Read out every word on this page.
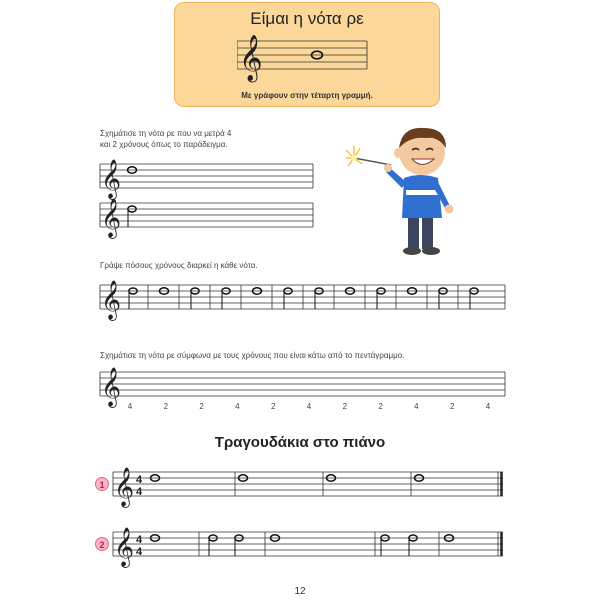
Είμαι η νότα ρε
𝄞
Με γράφουν στην τέταρτη γραμμή.
Σχημάτισε τη νότα ρε που να μετρά 4
και 2 χρόνους όπως το παράδειγμα.
𝄞
𝄞
Γράψε πόσους χρόνους διαρκεί η κάθε νότα.
𝄞
Σχημάτισε τη νότα ρε σύμφωνα με τους χρόνους που είναι κάτω από το πεντάγραμμο.
𝄞 4	2	2	4	2	4	2	2	4	2	4
Τραγουδάκια στο πιάνο
1 𝄞 4
4
2 𝄞 4
4
12
